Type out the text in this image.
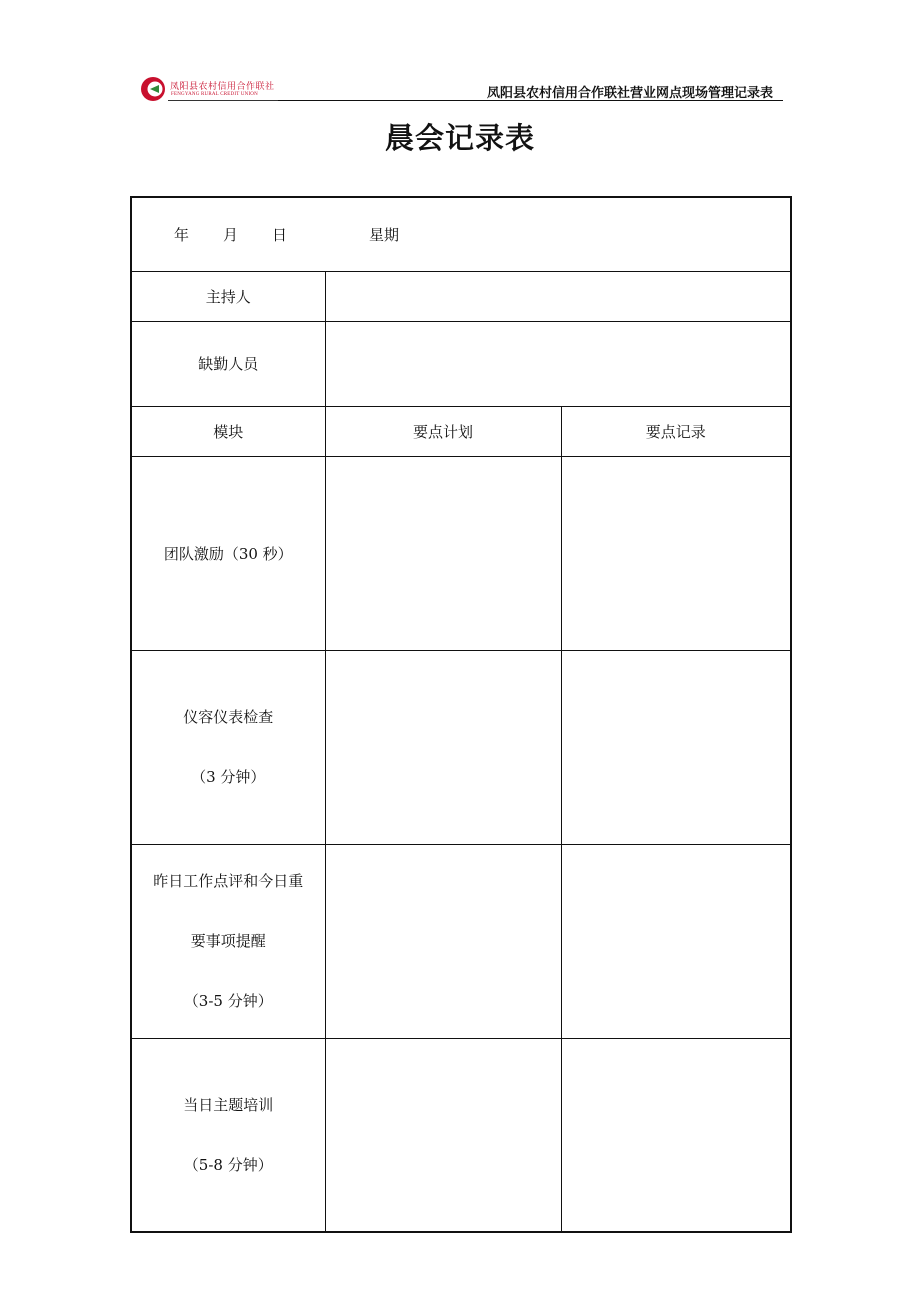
凤阳县农村信用合作联社
FENGYANG RURAL CREDIT UNION	凤阳县农村信用合作联社营业网点现场管理记录表
晨会记录表
年 月 日 星期		
主持人		
缺勤人员		
模块	要点计划	要点记录
团队激励（30 秒）		

仪容仪表检查
（3 分钟）		

昨日工作点评和今日重
要事项提醒
（3-5 分钟）		

当日主题培训
（5-8 分钟）		
